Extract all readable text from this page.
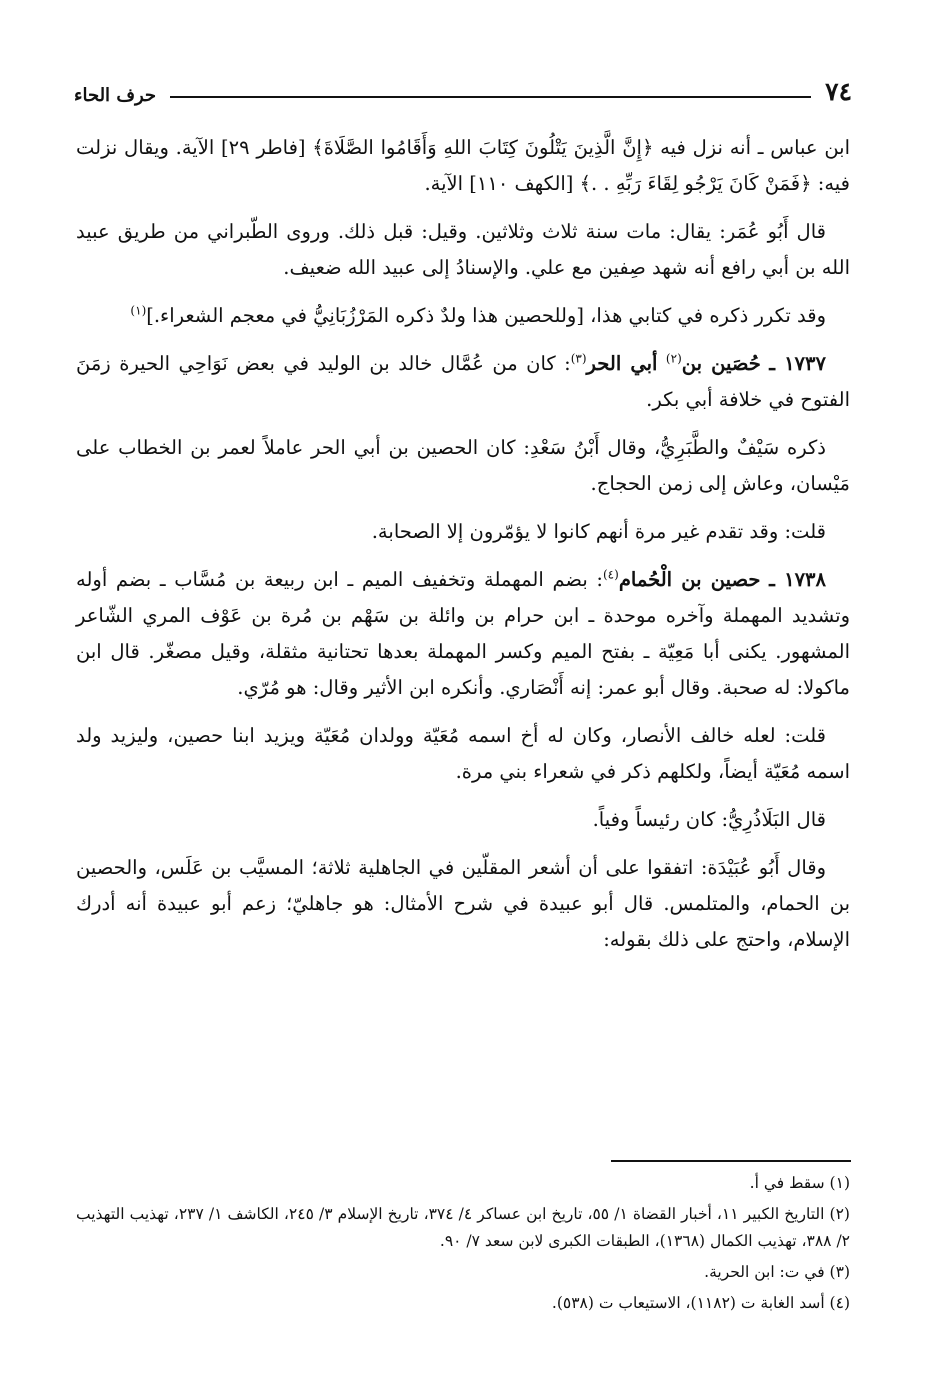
٧٤
حرف الحاء

ابن عباس ـ أنه نزل فيه ﴿إِنَّ الَّذِينَ يَتْلُونَ كِتَابَ اللهِ وَأَقَامُوا الصَّلَاةَ﴾ [فاطر ٢٩] الآية. ويقال نزلت فيه: ﴿فَمَنْ كَانَ يَرْجُو لِقَاءَ رَبِّهِ . .﴾ [الكهف ١١٠] الآية.

قال أَبُو عُمَر: يقال: مات سنة ثلاث وثلاثين. وقيل: قبل ذلك. وروى الطّبراني من طريق عبيد الله بن أبي رافع أنه شهد صِفين مع علي. والإسنادُ إلى عبيد الله ضعيف.

وقد تكرر ذكره في كتابي هذا، [وللحصين هذا ولدٌ ذكره المَرْزُبَانِيُّ في معجم الشعراء.]$^{(١)}$

١٧٣٧ ـ حُصَين بن$^{(٢)}$ أبي الحر$^{(٣)}$: كان من عُمَّال خالد بن الوليد في بعض نَوَاحِي الحيرة زمَنَ الفتوح في خلافة أبي بكر.

ذكره سَيْفٌ والطَّبَرِيُّ، وقال أَبْنُ سَعْدِ: كان الحصين بن أبي الحر عاملاً لعمر بن الخطاب على مَيْسان، وعاش إلى زمن الحجاج.

قلت: وقد تقدم غير مرة أنهم كانوا لا يؤمّرون إلا الصحابة.

١٧٣٨ ـ حصين بن الْحُمام$^{(٤)}$: بضم المهملة وتخفيف الميم ـ ابن ربيعة بن مُسَّاب ـ بضم أوله وتشديد المهملة وآخره موحدة ـ ابن حرام بن وائلة بن سَهْم بن مُرة بن عَوْف المري الشّاعر المشهور. يكنى أبا مَعِيّة ـ بفتح الميم وكسر المهملة بعدها تحتانية مثقلة، وقيل مصغّر. قال ابن ماكولا: له صحبة. وقال أبو عمر: إنه أَنْصَاري. وأنكره ابن الأثير وقال: هو مُرّي.

قلت: لعله خالف الأنصار، وكان له أخ اسمه مُعَيّة وولدان مُعَيّة ويزيد ابنا حصين، وليزيد ولد اسمه مُعَيّة أيضاً، ولكلهم ذكر في شعراء بني مرة.

قال البَلَاذُرِيُّ: كان رئيساً وفياً.

وقال أَبُو عُبَيْدَة: اتفقوا على أن أشعر المقلّين في الجاهلية ثلاثة؛ المسيَّب بن عَلَس، والحصين بن الحمام، والمتلمس. قال أبو عبيدة في شرح الأمثال: هو جاهليّ؛ زعم أبو عبيدة أنه أدرك الإسلام، واحتج على ذلك بقوله:

(١) سقط في أ.

(٢) التاريخ الكبير ١١، أخبار القضاة ١/ ٥٥، تاريخ ابن عساكر ٤/ ٣٧٤، تاريخ الإسلام ٣/ ٢٤٥، الكاشف ١/ ٢٣٧، تهذيب التهذيب ٢/ ٣٨٨، تهذيب الكمال (١٣٦٨)، الطبقات الكبرى لابن سعد ٧/ ٩٠.

(٣) في ت: ابن الحرية.

(٤) أسد الغابة ت (١١٨٢)، الاستيعاب ت (٥٣٨).
